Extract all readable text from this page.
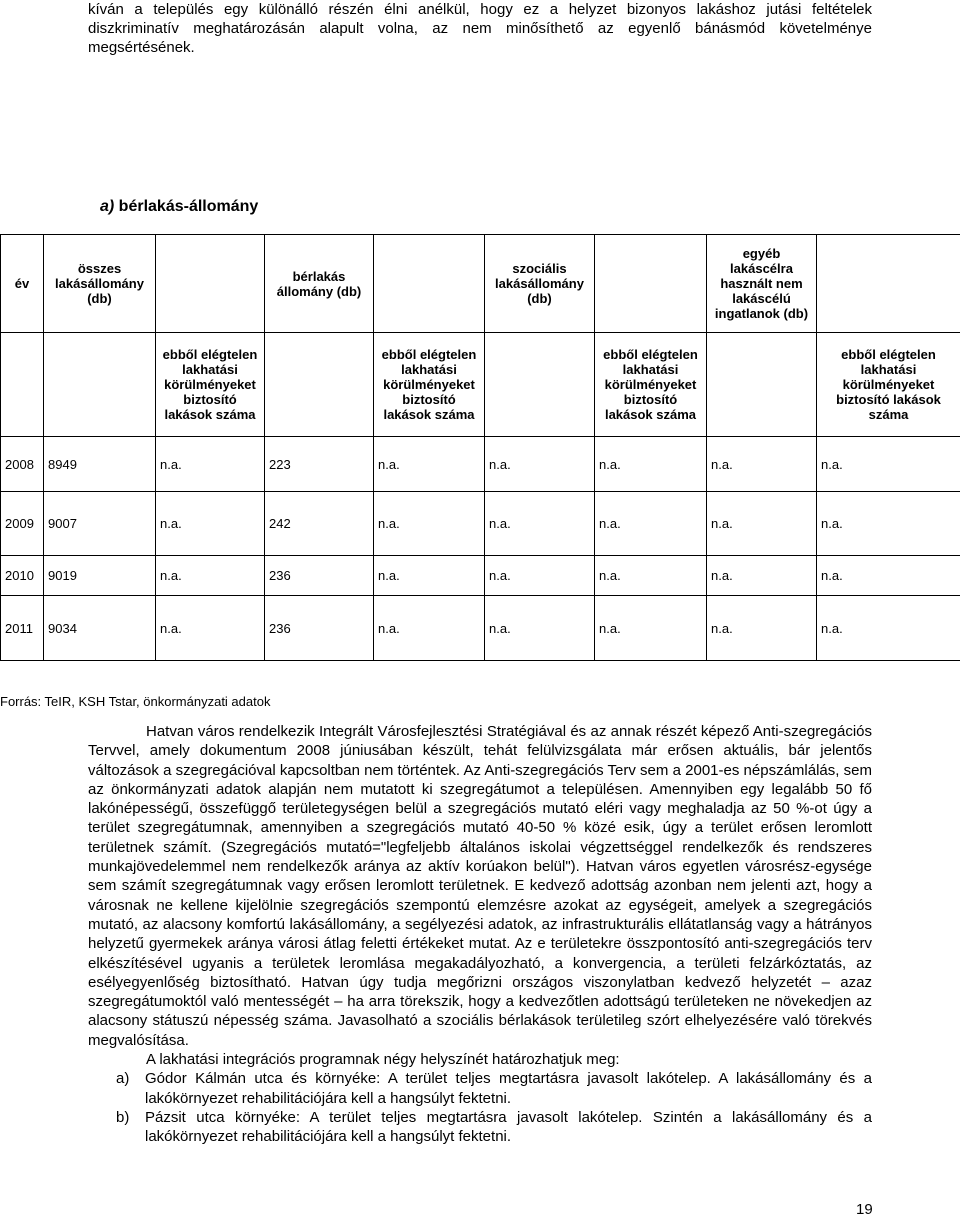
kíván a település egy különálló részén élni anélkül, hogy ez a helyzet bizonyos lakáshoz jutási feltételek
diszkriminatív meghatározásán alapult volna, az nem minősíthető az egyenlő bánásmód követelménye
megsértésének.
a) bérlakás-állomány
év	összes lakásállomány (db)		bérlakás állomány (db)		szociális lakásállomány (db)		egyéb lakáscélra használt nem lakáscélú ingatlanok (db)	
		ebből elégtelen lakhatási körülményeket biztosító lakások száma		ebből elégtelen lakhatási körülményeket biztosító lakások száma		ebből elégtelen lakhatási körülményeket biztosító lakások száma		ebből elégtelen lakhatási körülményeket biztosító lakások száma
2008	8949	n.a.	223	n.a.	n.a.	n.a.	n.a.	n.a.
2009	9007	n.a.	242	n.a.	n.a.	n.a.	n.a.	n.a.
2010	9019	n.a.	236	n.a.	n.a.	n.a.	n.a.	n.a.
2011	9034	n.a.	236	n.a.	n.a.	n.a.	n.a.	n.a.
Forrás: TeIR, KSH Tstar, önkormányzati adatok

Hatvan város rendelkezik Integrált Városfejlesztési Stratégiával és az annak részét képező Anti-szegregációs Tervvel, amely dokumentum 2008 júniusában készült, tehát felülvizsgálata már erősen aktuális, bár jelentős változások a szegregációval kapcsoltban nem történtek. Az Anti-szegregációs Terv sem a 2001-es népszámlálás, sem az önkormányzati adatok alapján nem mutatott ki szegregátumot a településen. Amennyiben egy legalább 50 fő lakónépességű, összefüggő területegységen belül a szegregációs mutató eléri vagy meghaladja az 50 %-ot úgy a terület szegregátumnak, amennyiben a szegregációs mutató 40-50 % közé esik, úgy a terület erősen leromlott területnek számít. (Szegregációs mutató="legfeljebb általános iskolai végzettséggel rendelkezők és rendszeres munkajövedelemmel nem rendelkezők aránya az aktív korúakon belül"). Hatvan város egyetlen városrész-egysége sem számít szegregátumnak vagy erősen leromlott területnek. E kedvező adottság azonban nem jelenti azt, hogy a városnak ne kellene kijelölnie szegregációs szempontú elemzésre azokat az egységeit, amelyek a szegregációs mutató, az alacsony komfortú lakásállomány, a segélyezési adatok, az infrastrukturális ellátatlanság vagy a hátrányos helyzetű gyermekek aránya városi átlag feletti értékeket mutat. Az e területekre összpontosító anti-szegregációs terv elkészítésével ugyanis a területek leromlása megakadályozható, a konvergencia, a területi felzárkóztatás, az esélyegyenlőség biztosítható. Hatvan úgy tudja megőrizni országos viszonylatban kedvező helyzetét – azaz szegregátumoktól való mentességét – ha arra törekszik, hogy a kedvezőtlen adottságú területeken ne növekedjen az alacsony státuszú népesség száma. Javasolható a szociális bérlakások területileg szórt elhelyezésére való törekvés megvalósítása.

A lakhatási integrációs programnak négy helyszínét határozhatjuk meg:
a) Gódor Kálmán utca és környéke: A terület teljes megtartásra javasolt lakótelep. A lakásállomány és a lakókörnyezet rehabilitációjára kell a hangsúlyt fektetni.
b) Pázsit utca környéke: A terület teljes megtartásra javasolt lakótelep. Szintén a lakásállomány és a lakókörnyezet rehabilitációjára kell a hangsúlyt fektetni.
19
